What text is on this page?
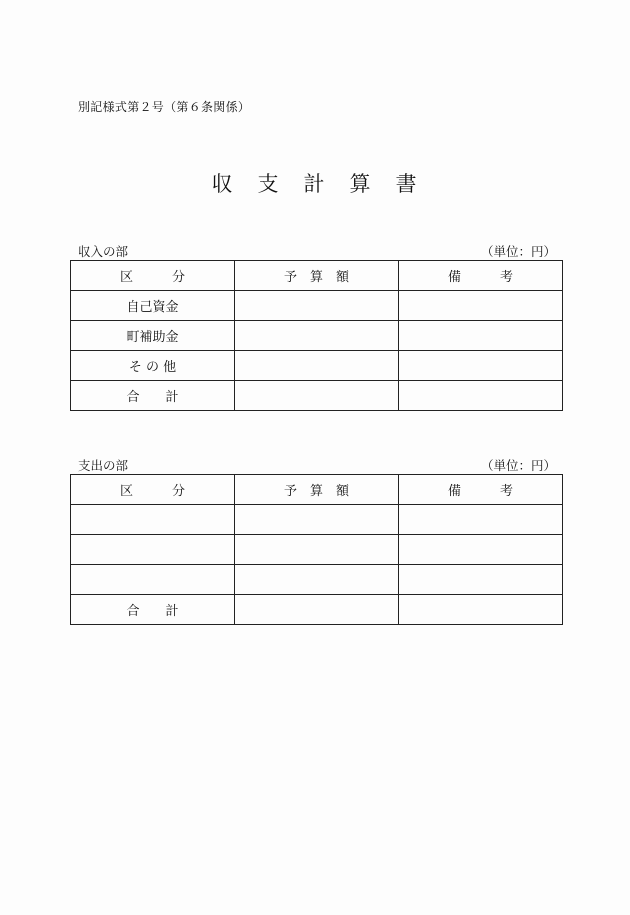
別記様式第２号（第６条関係）
収　支　計　算　書
収入の部	（単位：円）
区　　　分	予　算　額	備　　　考
自己資金		
町補助金		
そ の 他		
合　　計		
支出の部	（単位：円）
区　　　分	予　算　額	備　　　考

合　　計		
